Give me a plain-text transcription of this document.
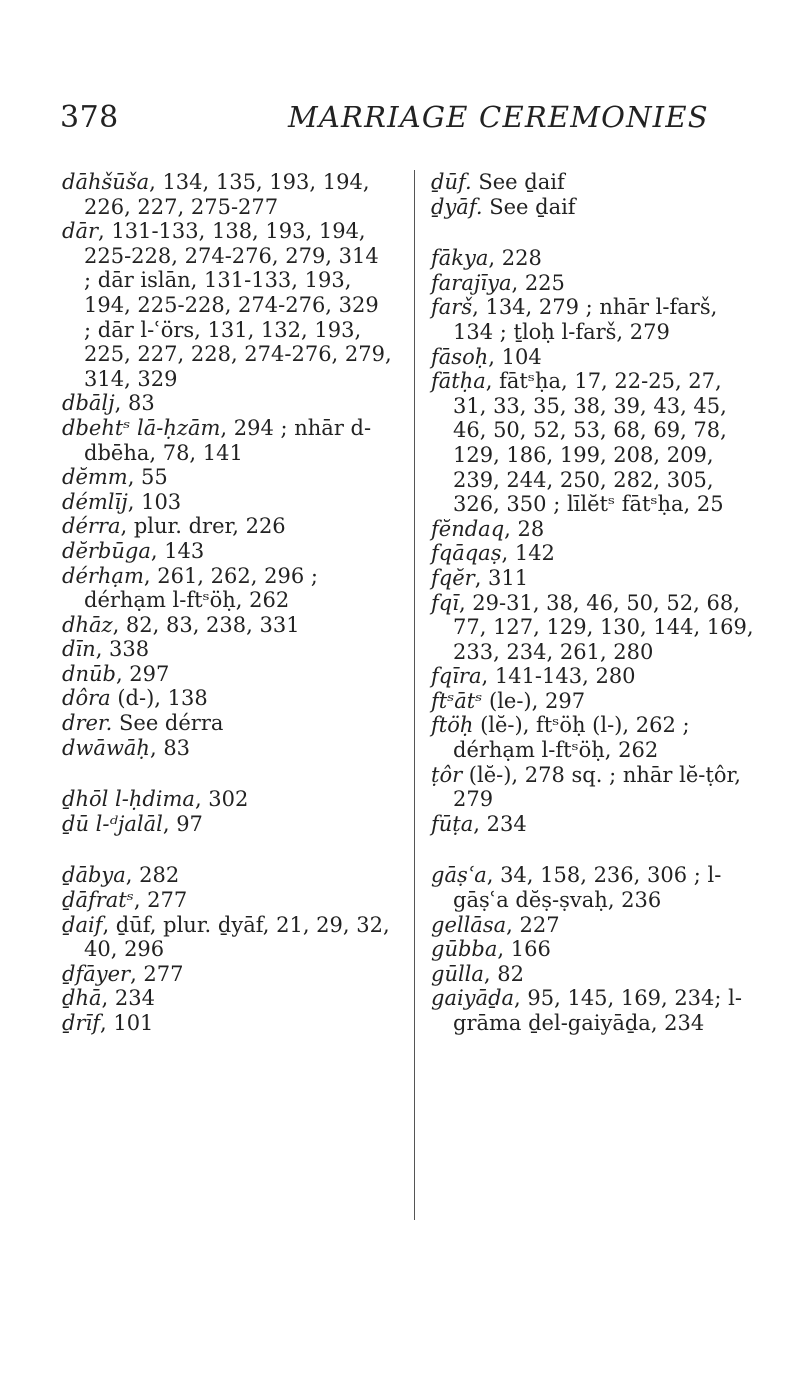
378	MARRIAGE CEREMONIES

dāhšūša, 134, 135, 193, 194, 226, 227, 275-277

dār, 131-133, 138, 193, 194, 225-228, 274-276, 279, 314 ; dār islān, 131-133, 193, 194, 225-228, 274-276, 329 ; dār l-ʿörs, 131, 132, 193, 225, 227, 228, 274-276, 279, 314, 329

dbālj, 83

dbehtˢ lā-ḥzām, 294 ; nhār d-dbēha, 78, 141

dĕmm, 55

démlīj, 103

dérra, plur. drer, 226

dĕrbūga, 143

dérhạm, 261, 262, 296 ; dérhạm l-ftˢöḥ, 262

dhāz, 82, 83, 238, 331

dīn, 338

dnūb, 297

dôra (d-), 138

drer. See dérra

dwāwāḥ, 83

ḏhōl l-ḥdima, 302

ḏū l-ᵈjalāl, 97

ḏābya, 282

ḏāfratˢ, 277

ḏaif, ḏūf, plur. ḏyāf, 21, 29, 32, 40, 296

ḏfāyer, 277

ḏhā, 234

ḏrīf, 101

ḏūf. See ḏaif

ḏyāf. See ḏaif

fākya, 228

farajīya, 225

farš, 134, 279 ; nhār l-farš, 134 ; ṯloḥ l-farš, 279

fāsoḥ, 104

fātḥa, fātˢḥa, 17, 22-25, 27, 31, 33, 35, 38, 39, 43, 45, 46, 50, 52, 53, 68, 69, 78, 129, 186, 199, 208, 209, 239, 244, 250, 282, 305, 326, 350 ; līlĕtˢ fātˢḥa, 25

fĕndaq, 28

fqāqaṣ, 142

fqĕr, 311

fqī, 29-31, 38, 46, 50, 52, 68, 77, 127, 129, 130, 144, 169, 233, 234, 261, 280

fqīra, 141-143, 280

ftˢātˢ (le-), 297

ftöḥ (lĕ-), ftˢöḥ (l-), 262 ; dérhạm l-ftˢöḥ, 262

ṭôr (lĕ-), 278 sq. ; nhār lĕ-ṭôr, 279

fūṭa, 234

gāṣʿa, 34, 158, 236, 306 ; l-gāṣʿa dĕṣ-ṣvaḥ, 236

gellāsa, 227

gūbba, 166

gūlla, 82

gaiyāḏa, 95, 145, 169, 234; l-grāma ḏel-gaiyāḏa, 234
